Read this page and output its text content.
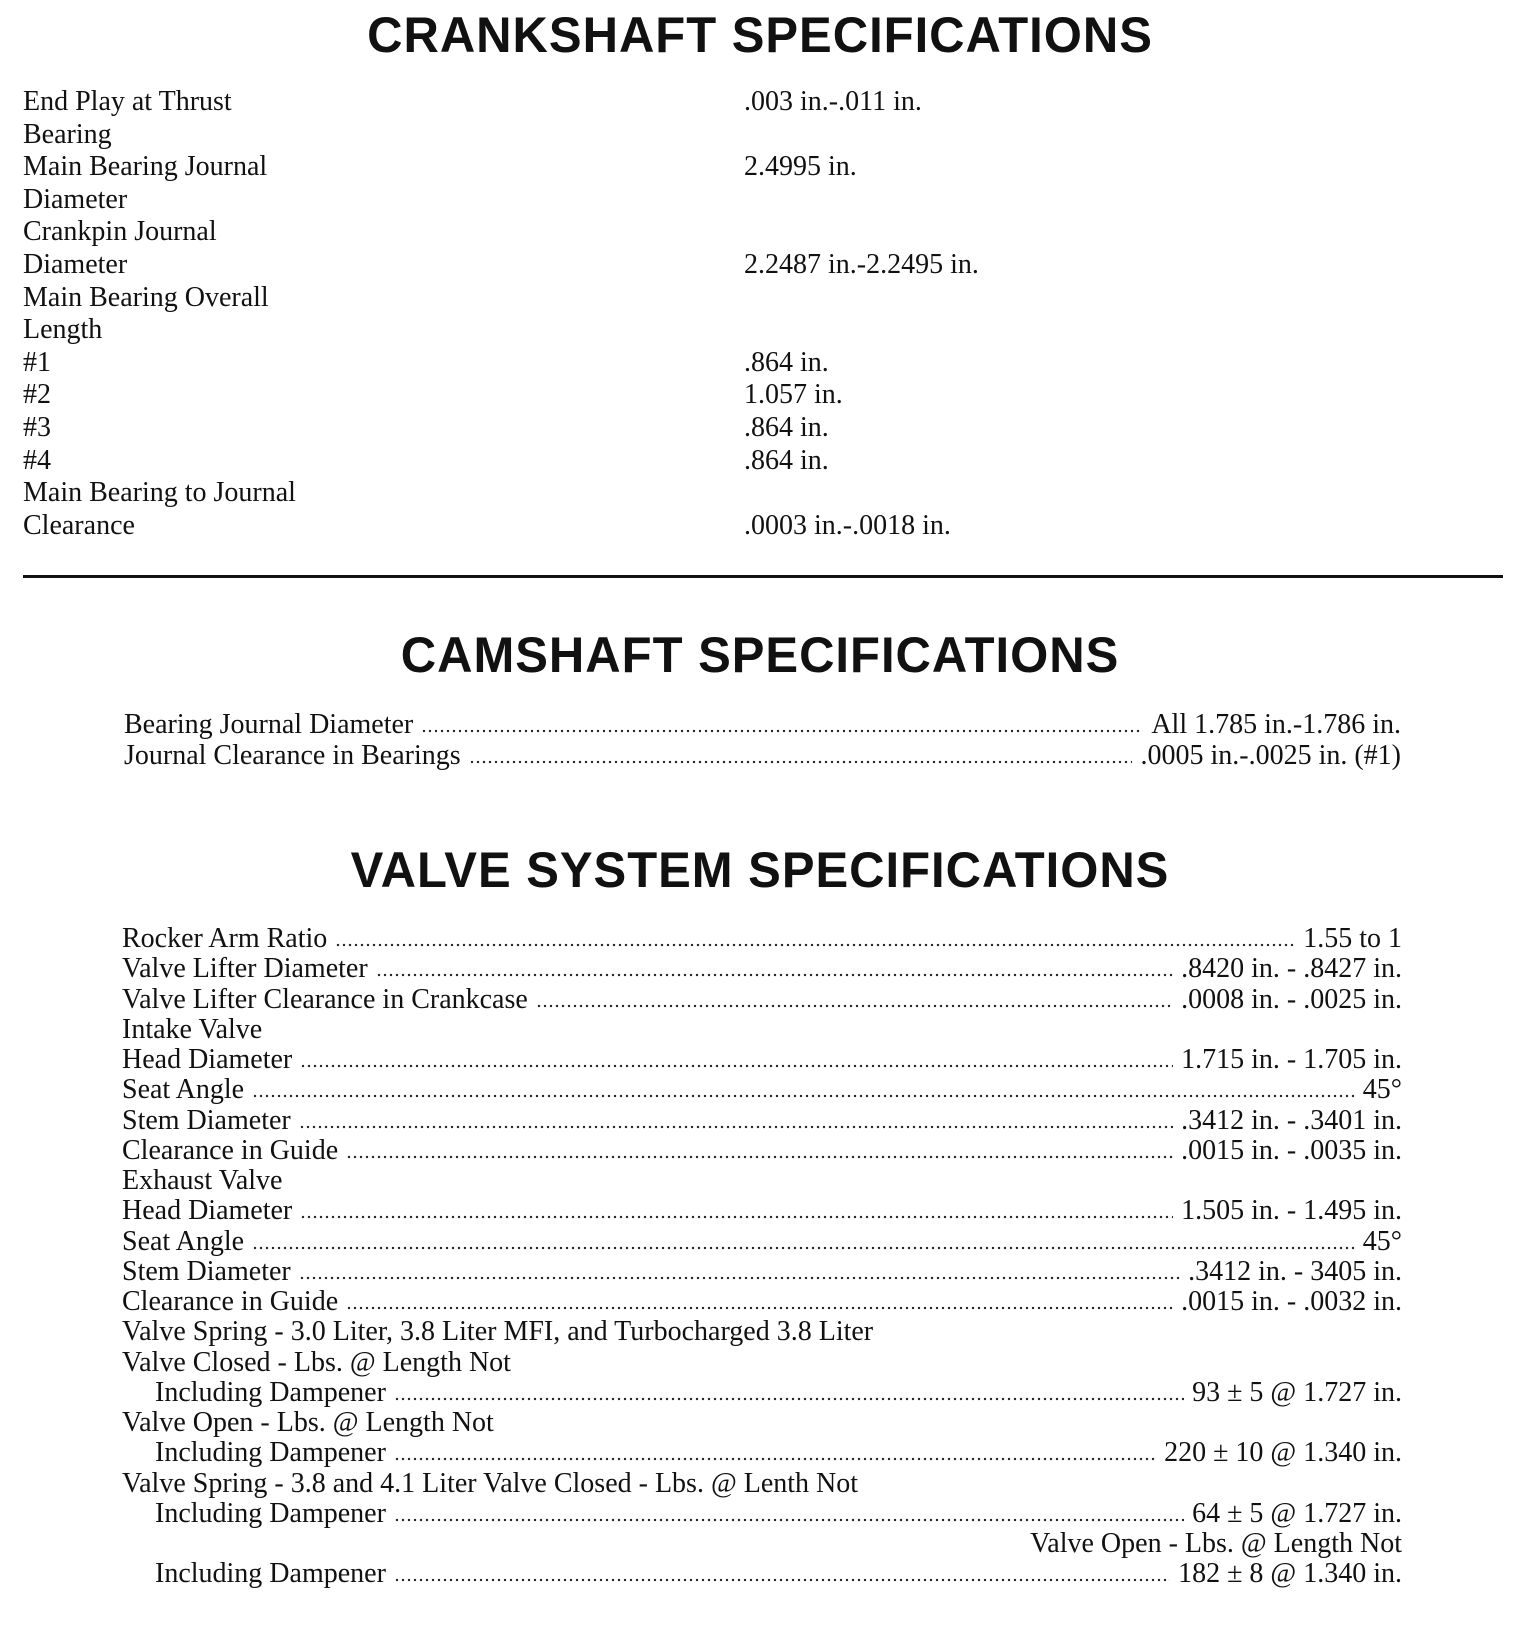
CRANKSHAFT SPECIFICATIONS
End Play at Thrust	.003 in.-.011 in.
Bearing
Main Bearing Journal	2.4995 in.
Diameter
Crankpin Journal
Diameter	2.2487 in.-2.2495 in.
Main Bearing Overall
Length
#1	.864 in.
#2	1.057 in.
#3	.864 in.
#4	.864 in.
Main Bearing to Journal
Clearance	.0003 in.-.0018 in.
CAMSHAFT SPECIFICATIONS
Bearing Journal Diameter	All 1.785 in.-1.786 in.
Journal Clearance in Bearings	.0005 in.-.0025 in. (#1)
VALVE SYSTEM SPECIFICATIONS
Rocker Arm Ratio	1.55 to 1
Valve Lifter Diameter	.8420 in. - .8427 in.
Valve Lifter Clearance in Crankcase	.0008 in. - .0025 in.
Intake Valve
Head Diameter	1.715 in. - 1.705 in.
Seat Angle	45°
Stem Diameter	.3412 in. - .3401 in.
Clearance in Guide	.0015 in. - .0035 in.
Exhaust Valve
Head Diameter	1.505 in. - 1.495 in.
Seat Angle	45°
Stem Diameter	.3412 in. - 3405 in.
Clearance in Guide	.0015 in. - .0032 in.
Valve Spring - 3.0 Liter, 3.8 Liter MFI, and Turbocharged 3.8 Liter
Valve Closed - Lbs. @ Length Not
Including Dampener	93 ± 5 @ 1.727 in.
Valve Open - Lbs. @ Length Not
Including Dampener	220 ± 10 @ 1.340 in.
Valve Spring - 3.8 and 4.1 Liter Valve Closed - Lbs. @ Lenth Not
Including Dampener	64 ± 5 @ 1.727 in.
Valve Open - Lbs. @ Length Not
Including Dampener	182 ± 8 @ 1.340 in.
